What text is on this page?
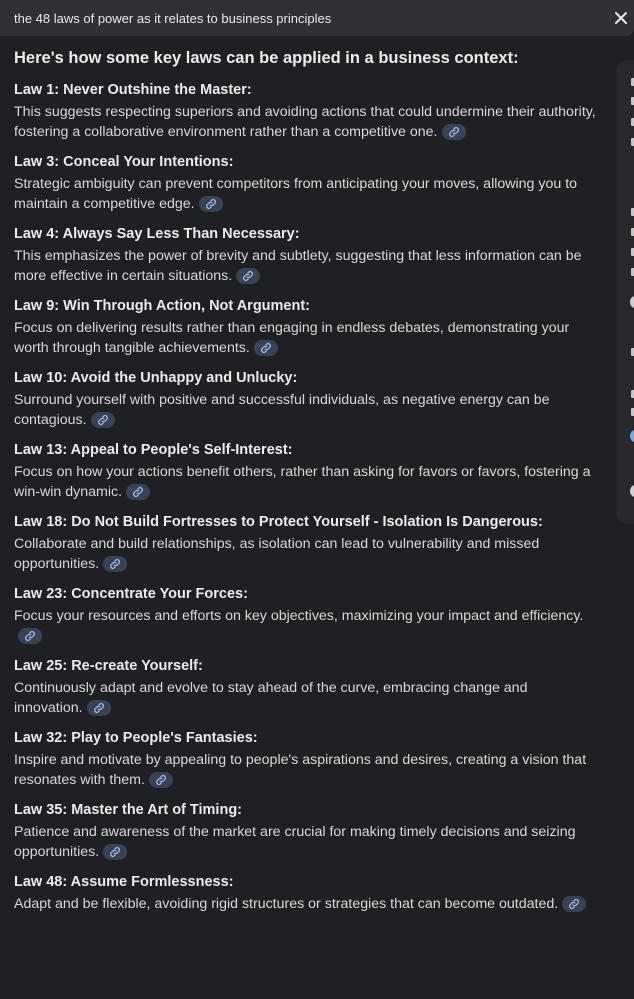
the 48 laws of power as it relates to business principles
Here's how some key laws can be applied in a business context:
Law 1: Never Outshine the Master:

This suggests respecting superiors and avoiding actions that could undermine their authority, fostering a collaborative environment rather than a competitive one.

Law 3: Conceal Your Intentions:

Strategic ambiguity can prevent competitors from anticipating your moves, allowing you to maintain a competitive edge.

Law 4: Always Say Less Than Necessary:

This emphasizes the power of brevity and subtlety, suggesting that less information can be more effective in certain situations.

Law 9: Win Through Action, Not Argument:

Focus on delivering results rather than engaging in endless debates, demonstrating your worth through tangible achievements.

Law 10: Avoid the Unhappy and Unlucky:

Surround yourself with positive and successful individuals, as negative energy can be contagious.

Law 13: Appeal to People's Self-Interest:

Focus on how your actions benefit others, rather than asking for favors or favors, fostering a win-win dynamic.

Law 18: Do Not Build Fortresses to Protect Yourself - Isolation Is Dangerous:

Collaborate and build relationships, as isolation can lead to vulnerability and missed opportunities.

Law 23: Concentrate Your Forces:

Focus your resources and efforts on key objectives, maximizing your impact and efficiency.

Law 25: Re-create Yourself:

Continuously adapt and evolve to stay ahead of the curve, embracing change and innovation.

Law 32: Play to People's Fantasies:

Inspire and motivate by appealing to people's aspirations and desires, creating a vision that resonates with them.

Law 35: Master the Art of Timing:

Patience and awareness of the market are crucial for making timely decisions and seizing opportunities.

Law 48: Assume Formlessness:

Adapt and be flexible, avoiding rigid structures or strategies that can become outdated.
